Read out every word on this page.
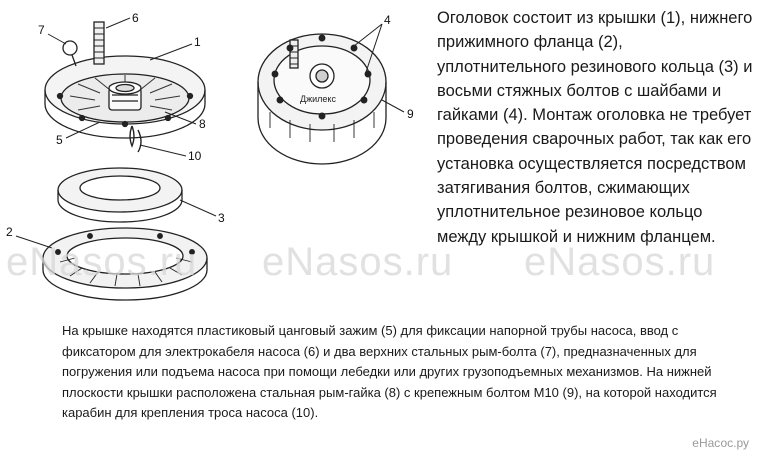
Джилекс
6
7
1
8
5
10
3
2
4
9

Оголовок состоит из крышки (1), нижнего прижимного фланца (2), уплотнительного резинового кольца (3) и восьми стяжных болтов с шайбами и гайками (4). Монтаж оголовка не требует проведения сварочных работ, так как его установка осуществляется посредством затягивания болтов, сжимающих уплотнительное резиновое кольцо между крышкой и нижним фланцем.

На крышке находятся пластиковый цанговый зажим (5) для фиксации напорной трубы насоса, ввод с фиксатором для электрокабеля насоса (6) и два верхних стальных рым-болта (7), предназначенных для погружения или подъема насоса при помощи лебедки или других грузоподъемных механизмов. На нижней плоскости крышки расположена стальная рым-гайка (8) с крепежным болтом М10 (9), на которой находится карабин для крепления троса насоса (10).

eNasos.ru eNasos.ru eNasos.ru
eНасос.ру
